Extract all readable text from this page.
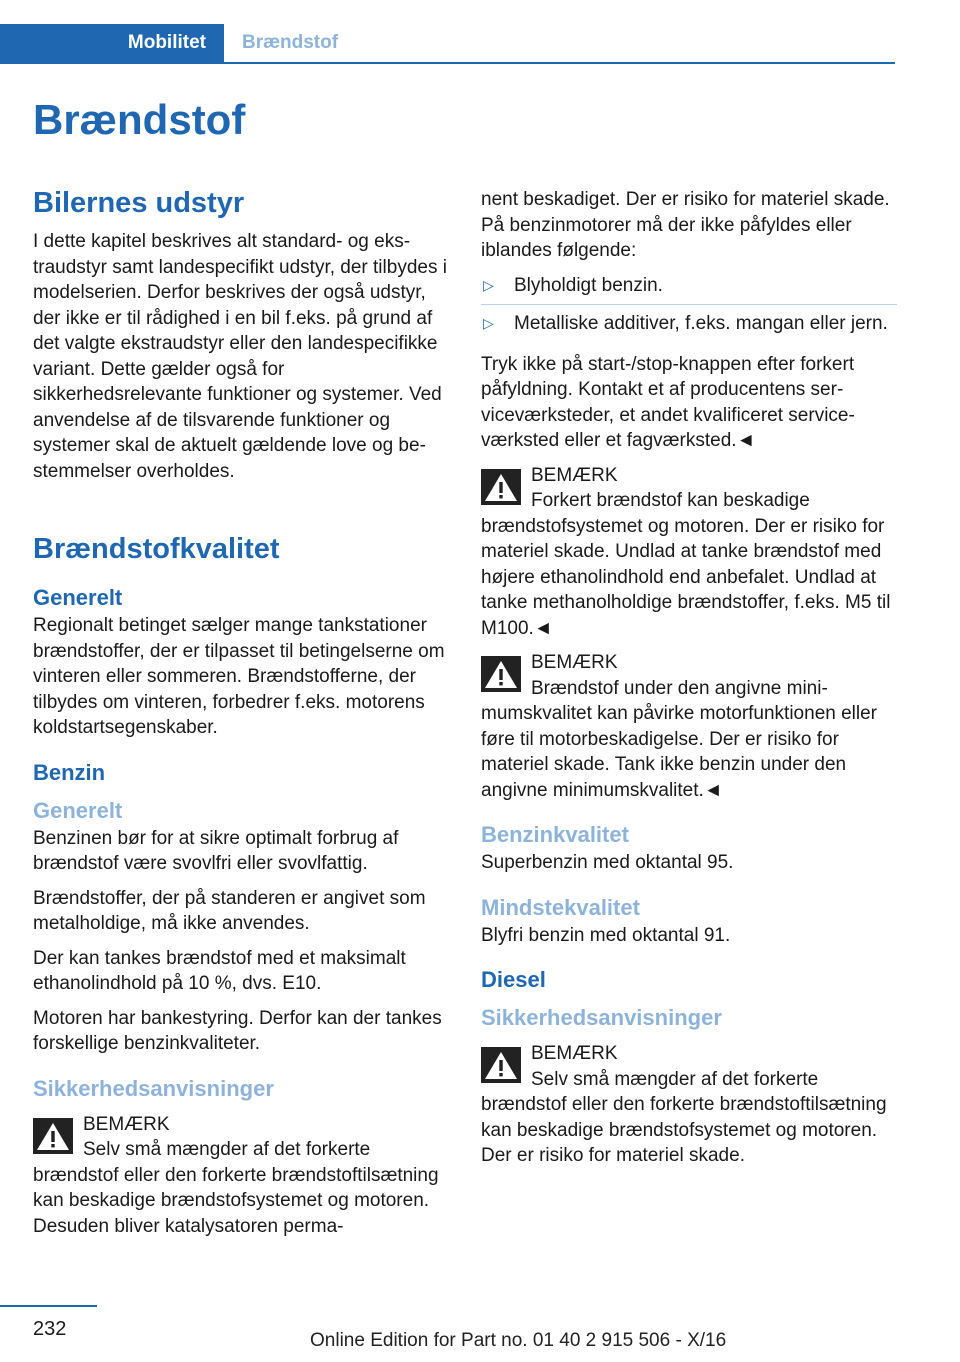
Mobilitet	Brændstof
Brændstof
Bilernes udstyr

I dette kapitel beskrives alt standard- og ekstraudstyr samt landespecifikt udstyr, der tilbydes i modelserien. Derfor beskrives der også udstyr, der ikke er til rådighed i en bil f.eks. på grund af det valgte ekstraudstyr eller den landespecifikke variant. Dette gælder også for sikkerhedsrelevante funktioner og systemer. Ved anvendelse af de tilsvarende funktioner og systemer skal de aktuelt gældende love og bestemmelser overholdes.

Brændstofkvalitet
Generelt

Regionalt betinget sælger mange tankstationer brændstoffer, der er tilpasset til betingelserne om vinteren eller sommeren. Brændstofferne, der tilbydes om vinteren, forbedrer f.eks. motorens koldstartsegenskaber.

Benzin
Generelt

Benzinen bør for at sikre optimalt forbrug af brændstof være svovlfri eller svovlfattig.

Brændstoffer, der på standeren er angivet som metalholdige, må ikke anvendes.

Der kan tankes brændstof med et maksimalt ethanolindhold på 10 %, dvs. E10.

Motoren har bankestyring. Derfor kan der tankes forskellige benzinkvaliteter.

Sikkerhedsanvisninger
BEMÆRK
Selv små mængder af det forkerte brændstof eller den forkerte brændstoftilsætning kan beskadige brændstofsystemet og motoren. Desuden bliver katalysatoren perma-

nent beskadiget. Der er risiko for materiel skade. På benzinmotorer må der ikke påfyldes eller iblandes følgende:

▷ Blyholdigt benzin.
▷ Metalliske additiver, f.eks. mangan eller jern.

Tryk ikke på start-/stop-knappen efter forkert påfyldning. Kontakt et af producentens serviceværksteder, et andet kvalificeret serviceværksted eller et fagværksted.◄

BEMÆRK
Forkert brændstof kan beskadige brændstofsystemet og motoren. Der er risiko for materiel skade. Undlad at tanke brændstof med højere ethanolindhold end anbefalet. Undlad at tanke methanolholdige brændstoffer, f.eks. M5 til M100.◄
BEMÆRK
Brændstof under den angivne minimumskvalitet kan påvirke motorfunktionen eller føre til motorbeskadigelse. Der er risiko for materiel skade. Tank ikke benzin under den angivne minimumskvalitet.◄
Benzinkvalitet

Superbenzin med oktantal 95.

Mindstekvalitet

Blyfri benzin med oktantal 91.

Diesel
Sikkerhedsanvisninger
BEMÆRK
Selv små mængder af det forkerte brændstof eller den forkerte brændstoftilsætning kan beskadige brændstofsystemet og motoren. Der er risiko for materiel skade.
232
Online Edition for Part no. 01 40 2 915 506 - X/16
